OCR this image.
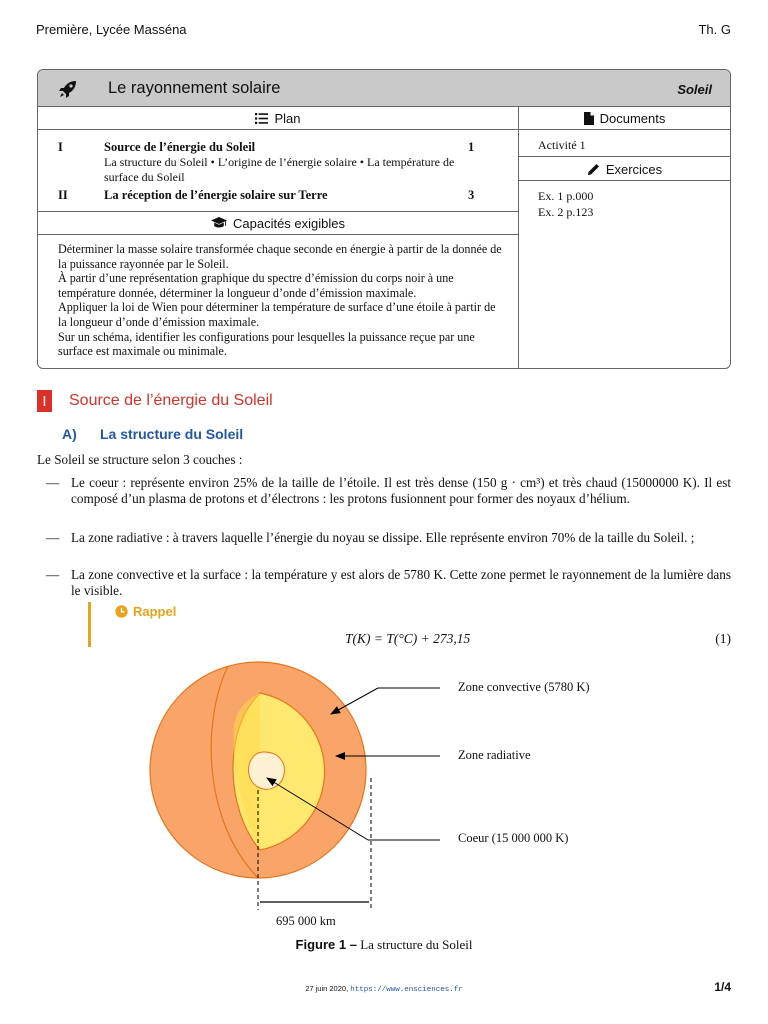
Première, Lycée Masséna	Th. G
Le rayonnement solaire	Soleil
Plan	Documents
Exercices
Capacités exigibles
I	Source de l’énergie du Soleil	1
La structure du Soleil • L’origine de l’énergie solaire • La température de surface du Soleil
II	La réception de l’énergie solaire sur Terre	3
Activité 1
Ex. 1 p.000
Ex. 2 p.123
Déterminer la masse solaire transformée chaque seconde en énergie à partir de la donnée de la puissance rayonnée par le Soleil.
À partir d’une représentation graphique du spectre d’émission du corps noir à une température donnée, déterminer la longueur d’onde d’émission maximale.
Appliquer la loi de Wien pour déterminer la température de surface d’une étoile à partir de la longueur d’onde d’émission maximale.
Sur un schéma, identifier les configurations pour lesquelles la puissance reçue par une surface est maximale ou minimale.
I	Source de l’énergie du Soleil
A) La structure du Soleil
Le Soleil se structure selon 3 couches :
— Le coeur : représente environ 25% de la taille de l’étoile. Il est très dense (150 g · cm³) et très chaud (15000000 K). Il est composé d’un plasma de protons et d’électrons : les protons fusionnent pour former des noyaux d’hélium.
— La zone radiative : à travers laquelle l’énergie du noyau se dissipe. Elle représente environ 70% de la taille du Soleil. ;
— La zone convective et la surface : la température y est alors de 5780 K. Cette zone permet le rayonnement de la lumière dans le visible.
Rappel
T(K) = T(°C) + 273,15	(1)
Zone convective (5780 K)
Zone radiative
Coeur (15 000 000 K)
695 000 km
Figure 1 – La structure du Soleil
27 juin 2020, https://www.ensciences.fr	1/4
